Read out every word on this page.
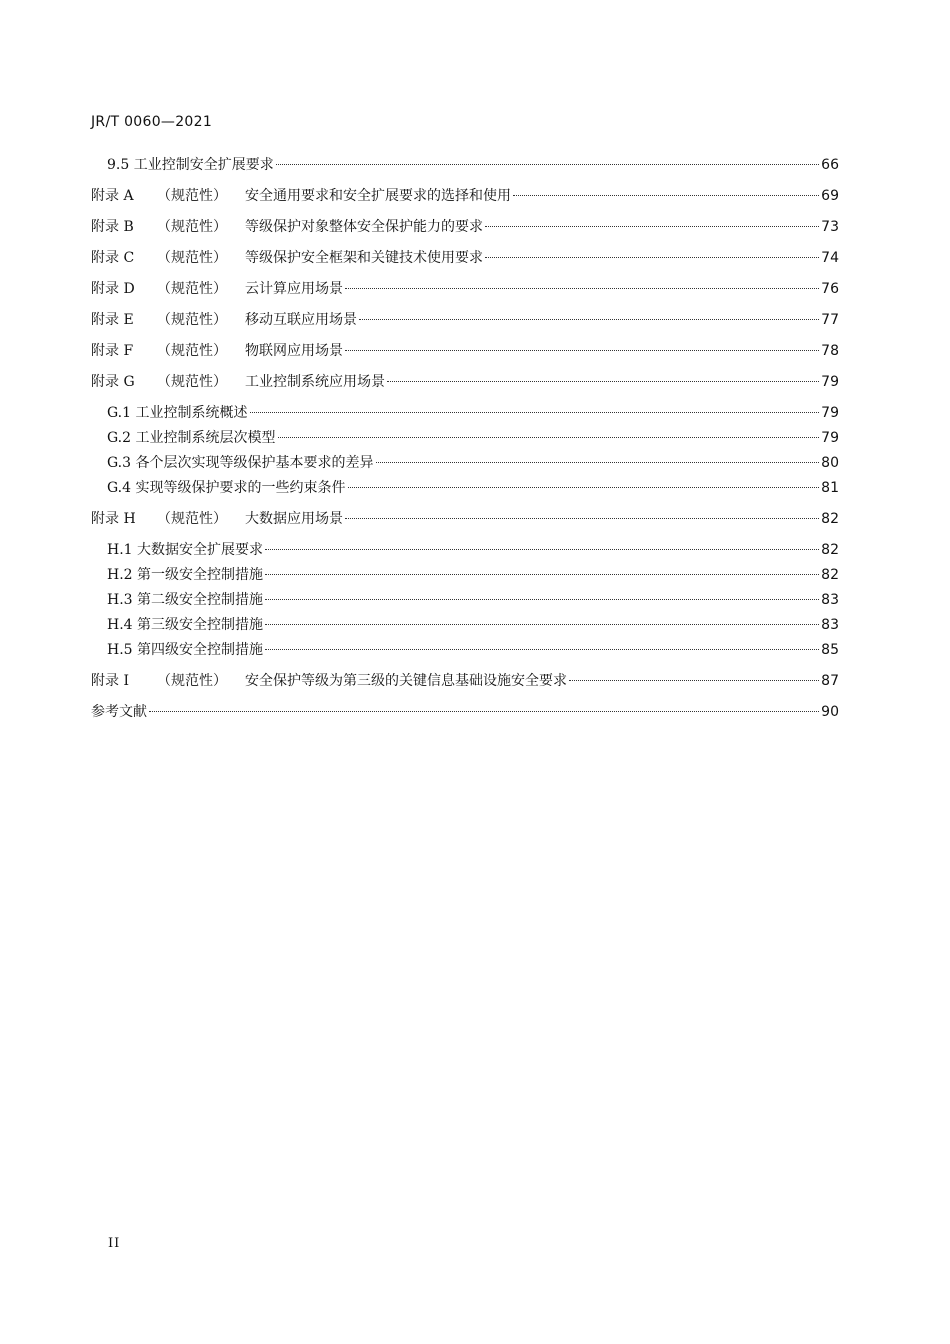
JR/T 0060—2021
9.5 工业控制安全扩展要求	66
附录 A （规范性） 安全通用要求和安全扩展要求的选择和使用	69
附录 B （规范性） 等级保护对象整体安全保护能力的要求	73
附录 C （规范性） 等级保护安全框架和关键技术使用要求	74
附录 D （规范性） 云计算应用场景	76
附录 E （规范性） 移动互联应用场景	77
附录 F （规范性） 物联网应用场景	78
附录 G （规范性） 工业控制系统应用场景	79
G.1 工业控制系统概述	79
G.2 工业控制系统层次模型	79
G.3 各个层次实现等级保护基本要求的差异	80
G.4 实现等级保护要求的一些约束条件	81
附录 H （规范性） 大数据应用场景	82
H.1 大数据安全扩展要求	82
H.2 第一级安全控制措施	82
H.3 第二级安全控制措施	83
H.4 第三级安全控制措施	83
H.5 第四级安全控制措施	85
附录 I （规范性） 安全保护等级为第三级的关键信息基础设施安全要求	87
参考文献	90
II
